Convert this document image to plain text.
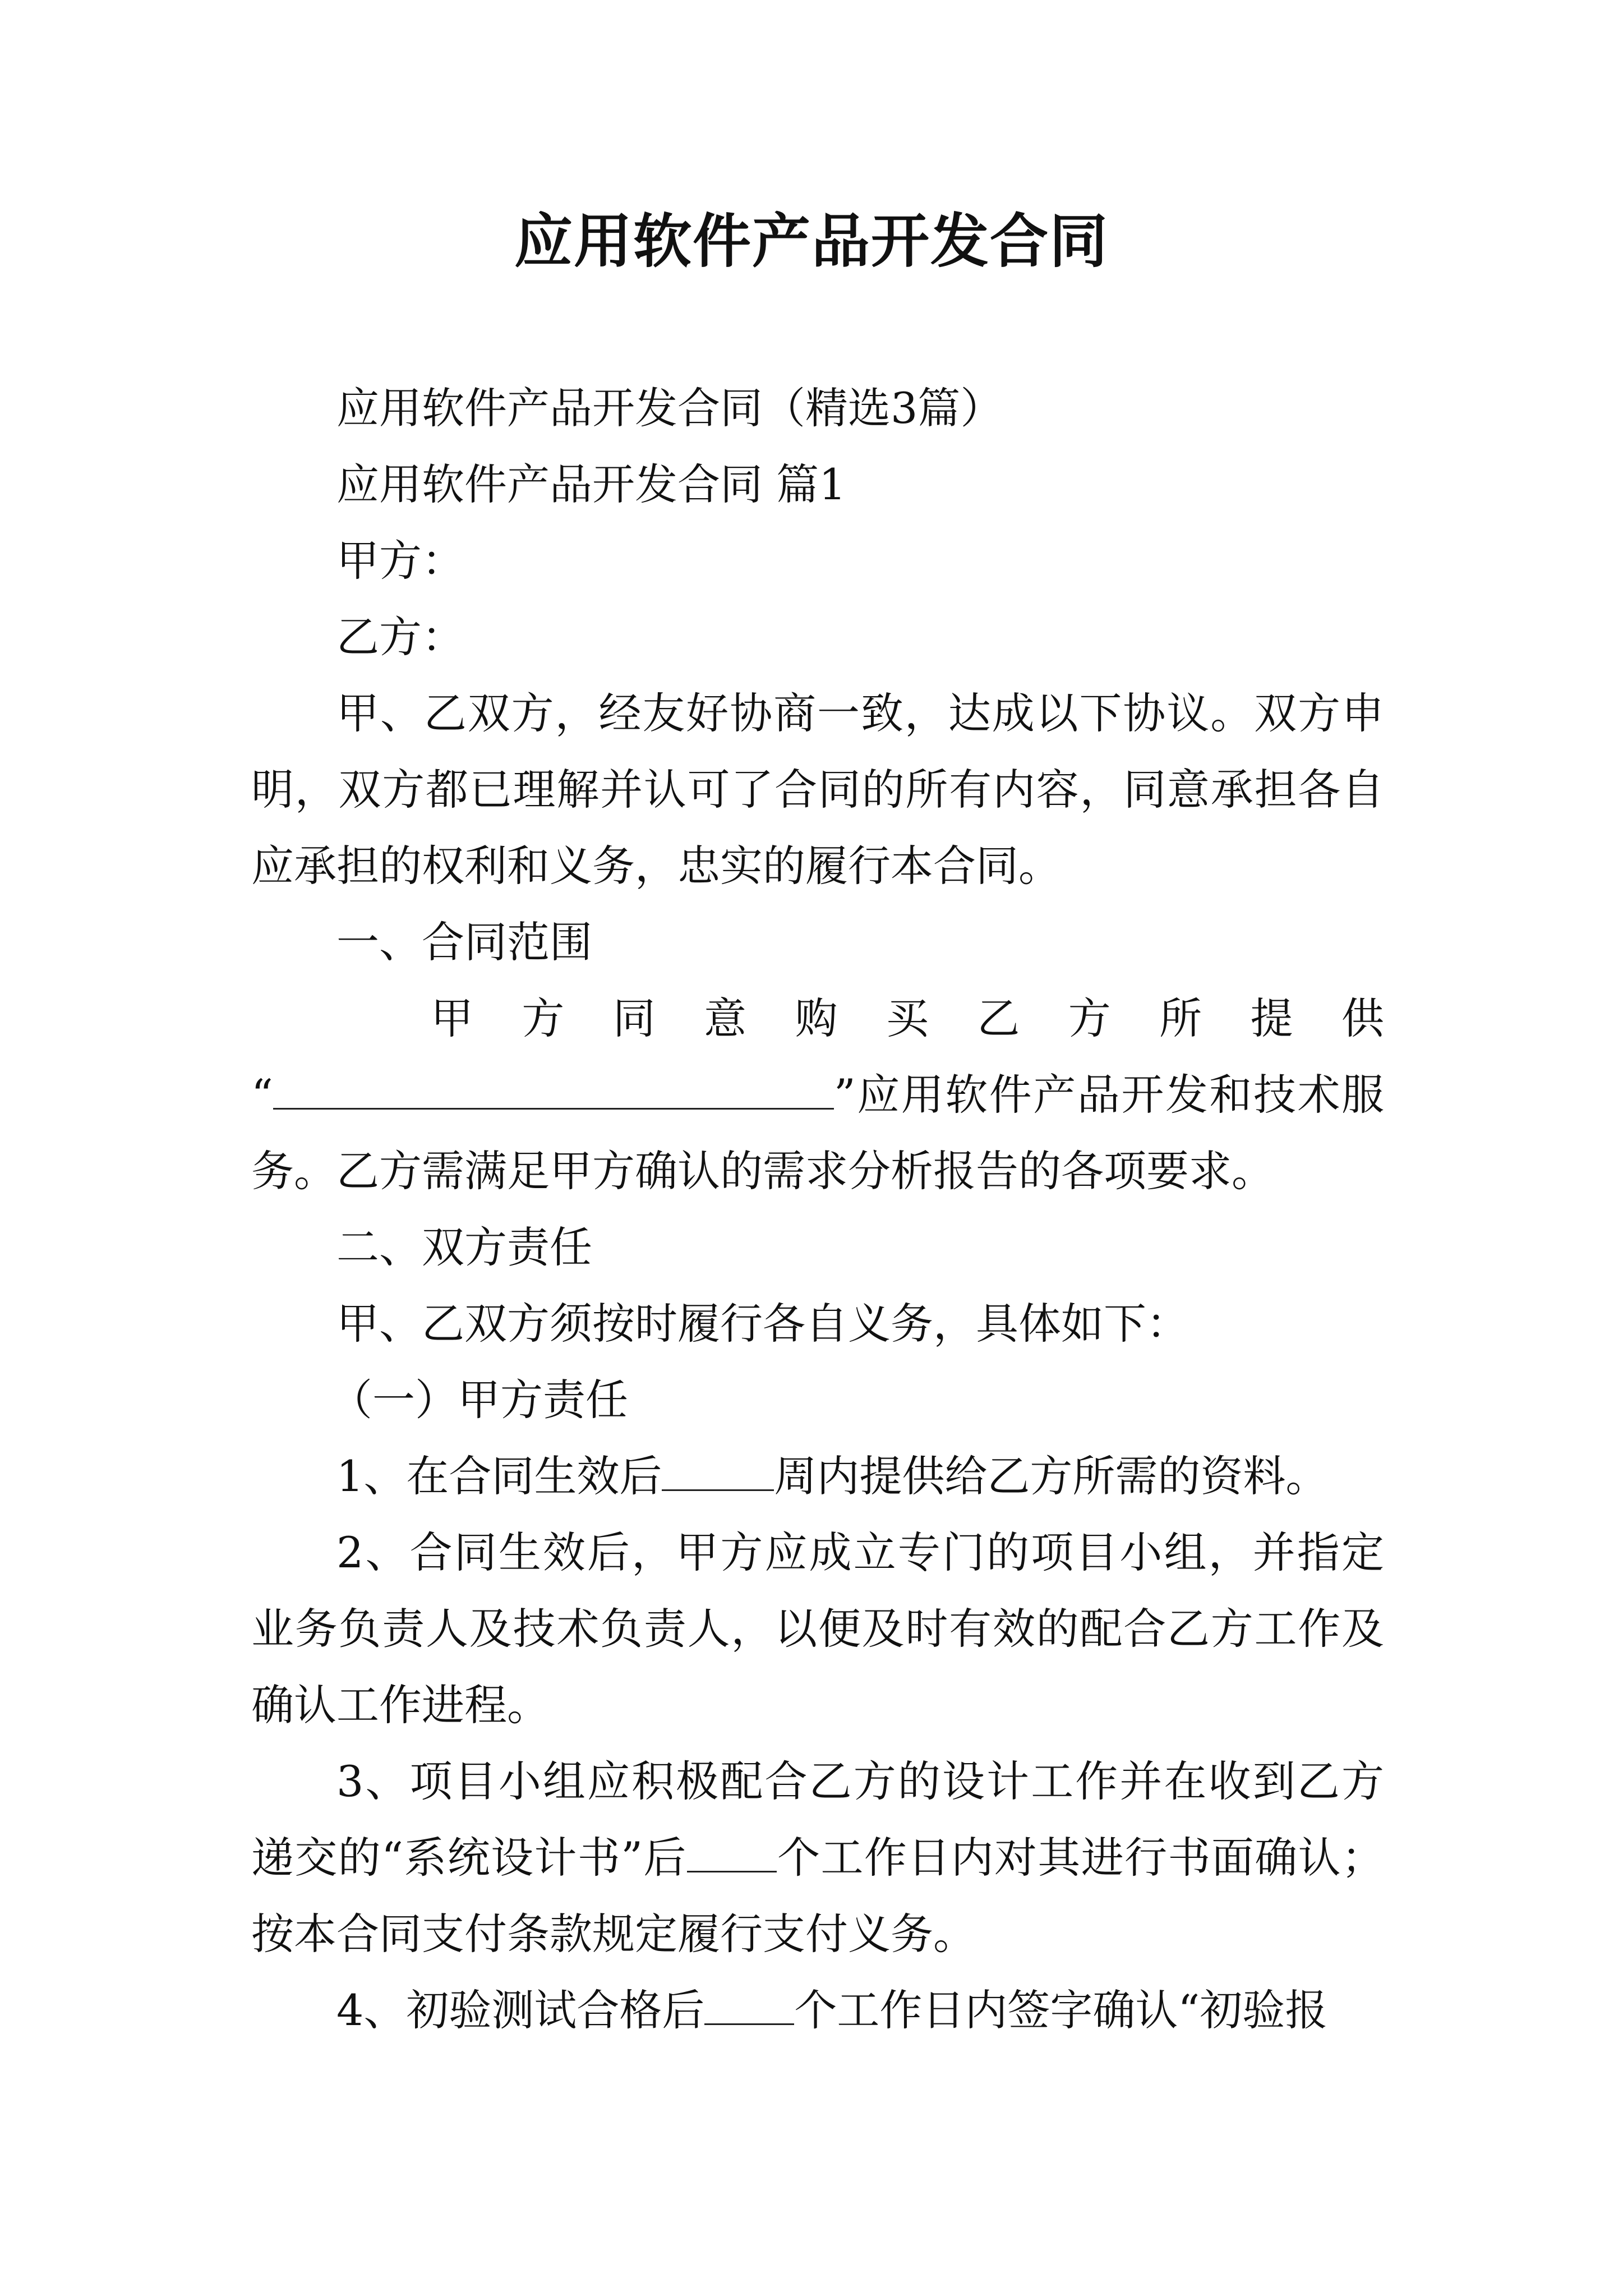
应用软件产品开发合同

应用软件产品开发合同（精选3篇）

应用软件产品开发合同 篇1

甲方：

乙方：

甲、乙双方，经友好协商一致，达成以下协议。双方申明，双方都已理解并认可了合同的所有内容，同意承担各自应承担的权利和义务，忠实的履行本合同。

一、合同范围

甲 方 同 意 购 买 乙 方 所 提 供

“	”应用软件产品开发和技术服务。乙方需满足甲方确认的需求分析报告的各项要求。

二、双方责任

甲、乙双方须按时履行各自义务，具体如下：

（一）甲方责任

1、在合同生效后	周内提供给乙方所需的资料。

2、合同生效后，甲方应成立专门的项目小组，并指定业务负责人及技术负责人，以便及时有效的配合乙方工作及确认工作进程。

3、项目小组应积极配合乙方的设计工作并在收到乙方递交的“系统设计书”后 个工作日内对其进行书面确认；按本合同支付条款规定履行支付义务。

4、初验测试合格后 个工作日内签字确认“初验报
